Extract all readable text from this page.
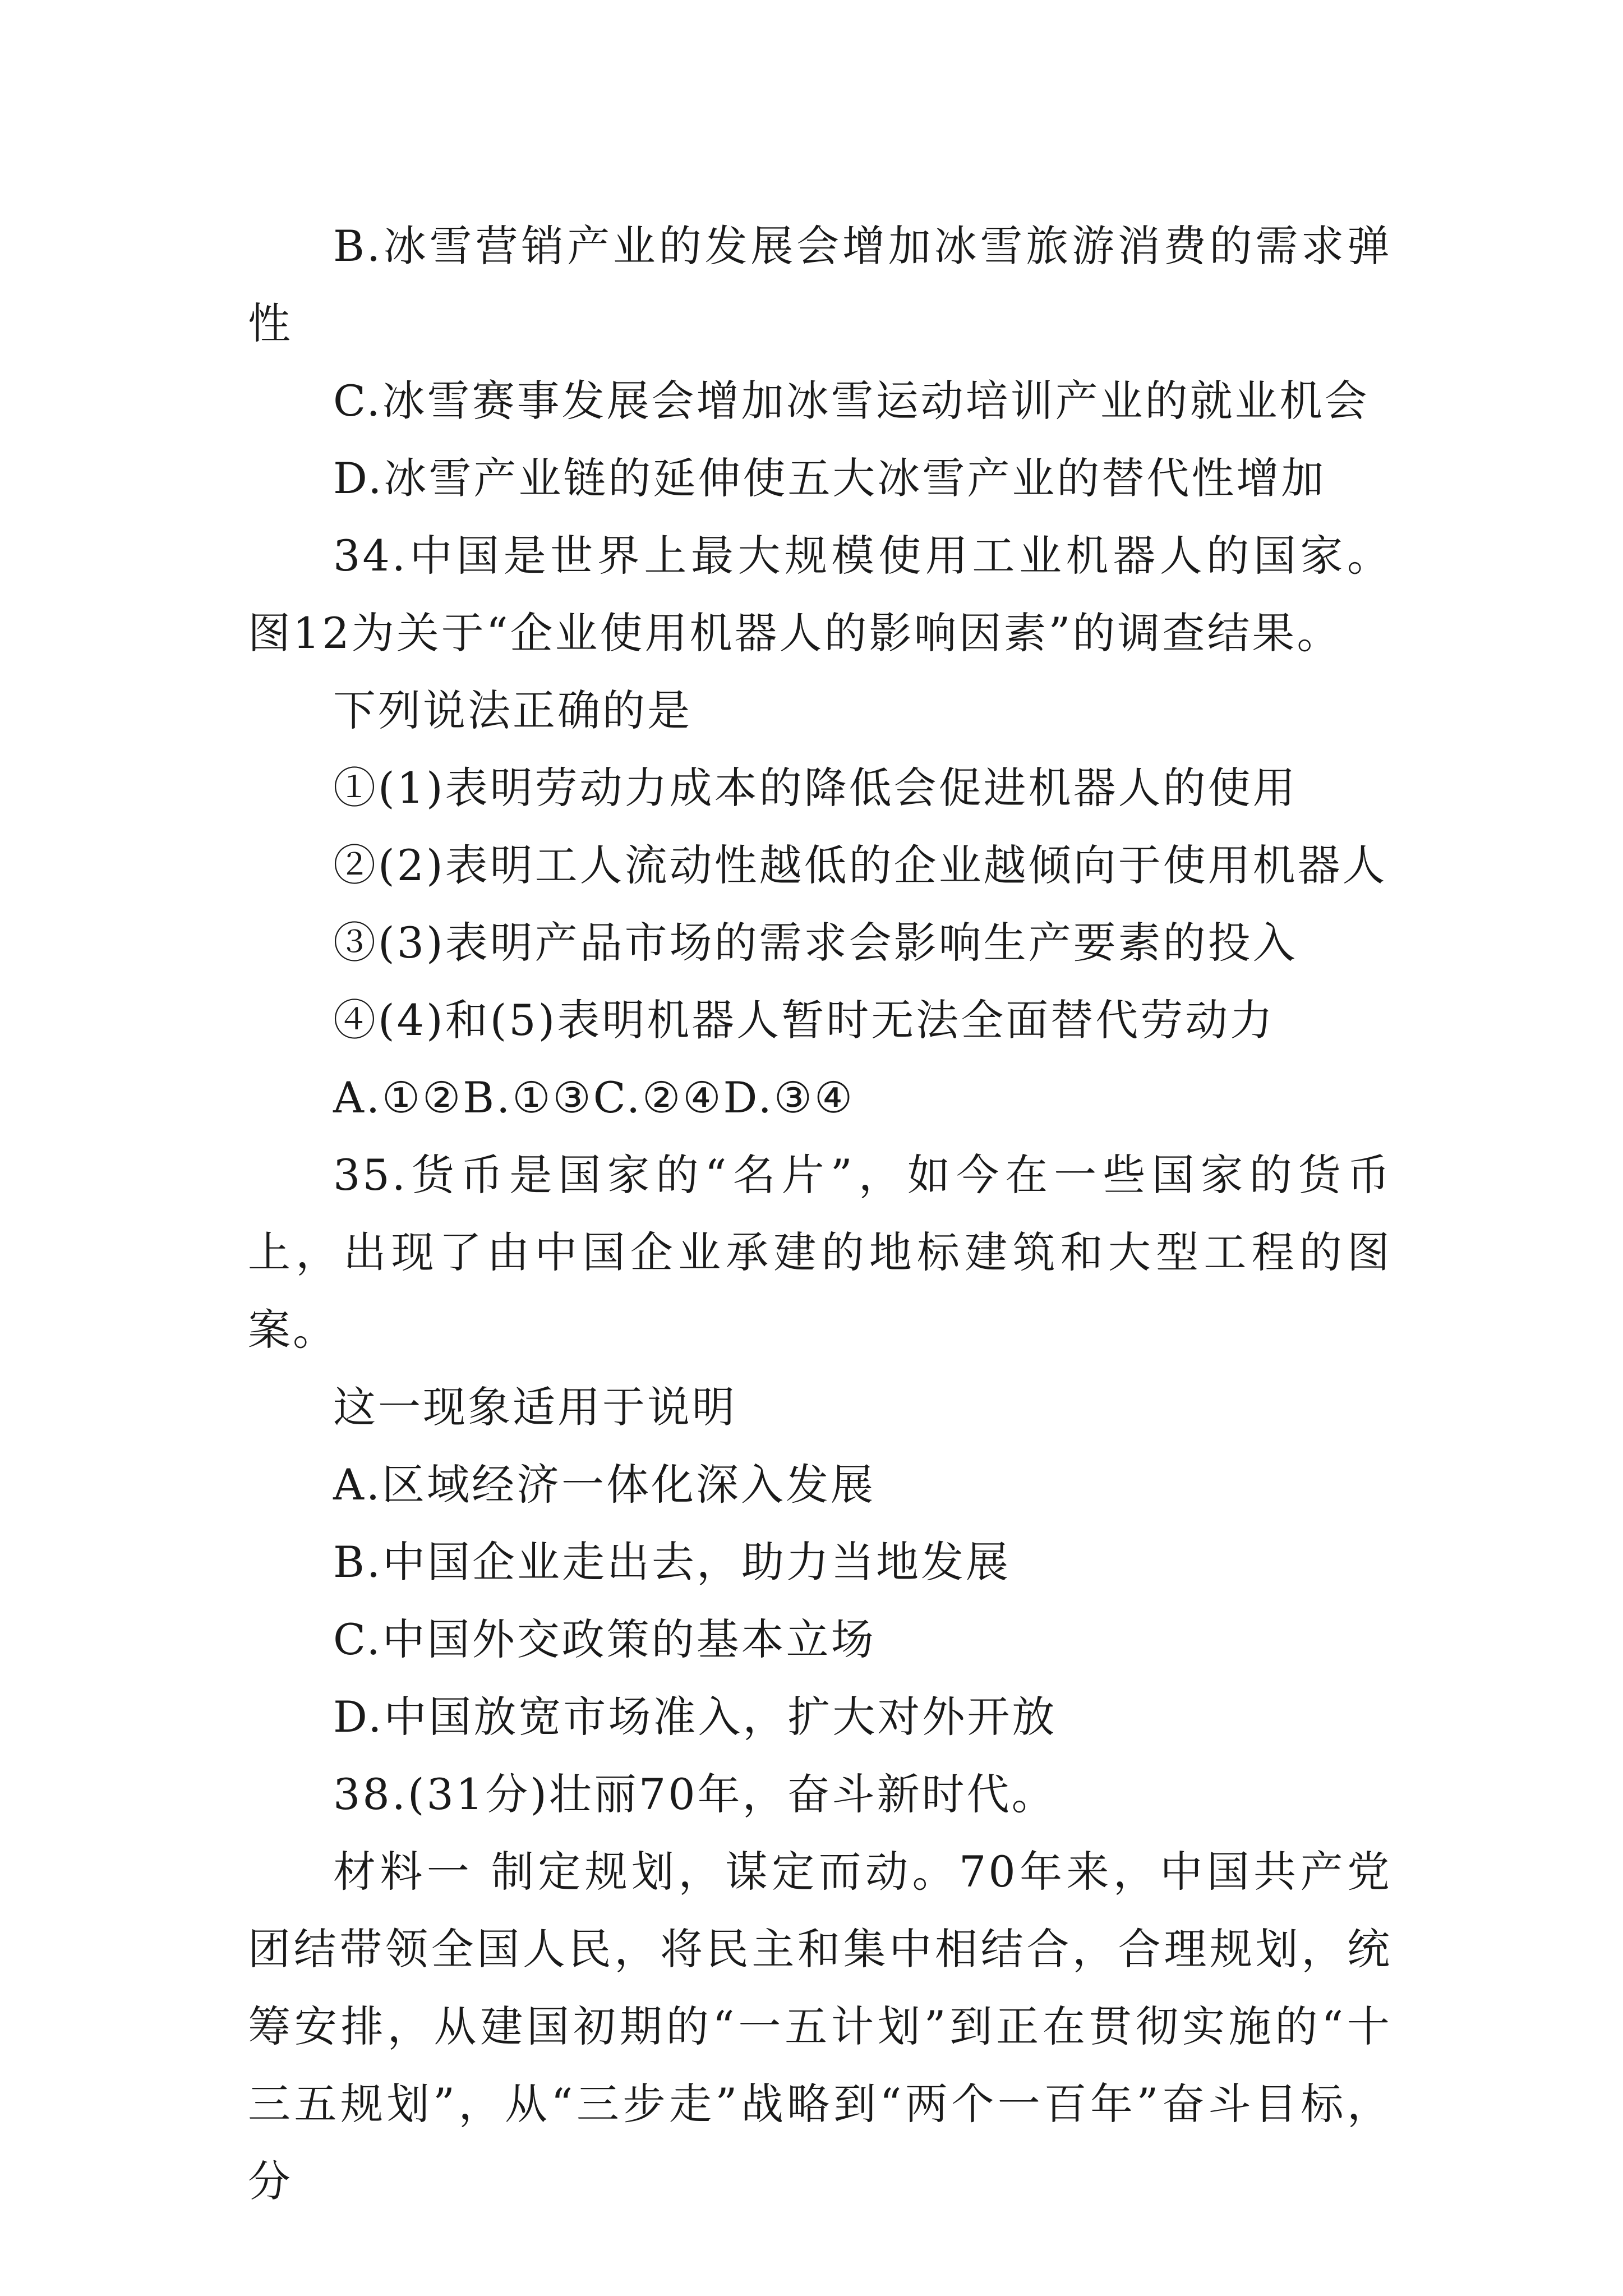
B.冰雪营销产业的发展会增加冰雪旅游消费的需求弹性

C.冰雪赛事发展会增加冰雪运动培训产业的就业机会

D.冰雪产业链的延伸使五大冰雪产业的替代性增加

34.中国是世界上最大规模使用工业机器人的国家。图12为关于“企业使用机器人的影响因素”的调查结果。

下列说法正确的是

①(1)表明劳动力成本的降低会促进机器人的使用

②(2)表明工人流动性越低的企业越倾向于使用机器人

③(3)表明产品市场的需求会影响生产要素的投入

④(4)和(5)表明机器人暂时无法全面替代劳动力

A.①②B.①③C.②④D.③④

35.货币是国家的“名片”，如今在一些国家的货币上，出现了由中国企业承建的地标建筑和大型工程的图案。

这一现象适用于说明

A.区域经济一体化深入发展

B.中国企业走出去，助力当地发展

C.中国外交政策的基本立场

D.中国放宽市场准入，扩大对外开放

38.(31分)壮丽70年，奋斗新时代。

材料一 制定规划，谋定而动。70年来，中国共产党团结带领全国人民，将民主和集中相结合，合理规划，统筹安排，从建国初期的“一五计划”到正在贯彻实施的“十三五规划”，从“三步走”战略到“两个一百年”奋斗目标，分
